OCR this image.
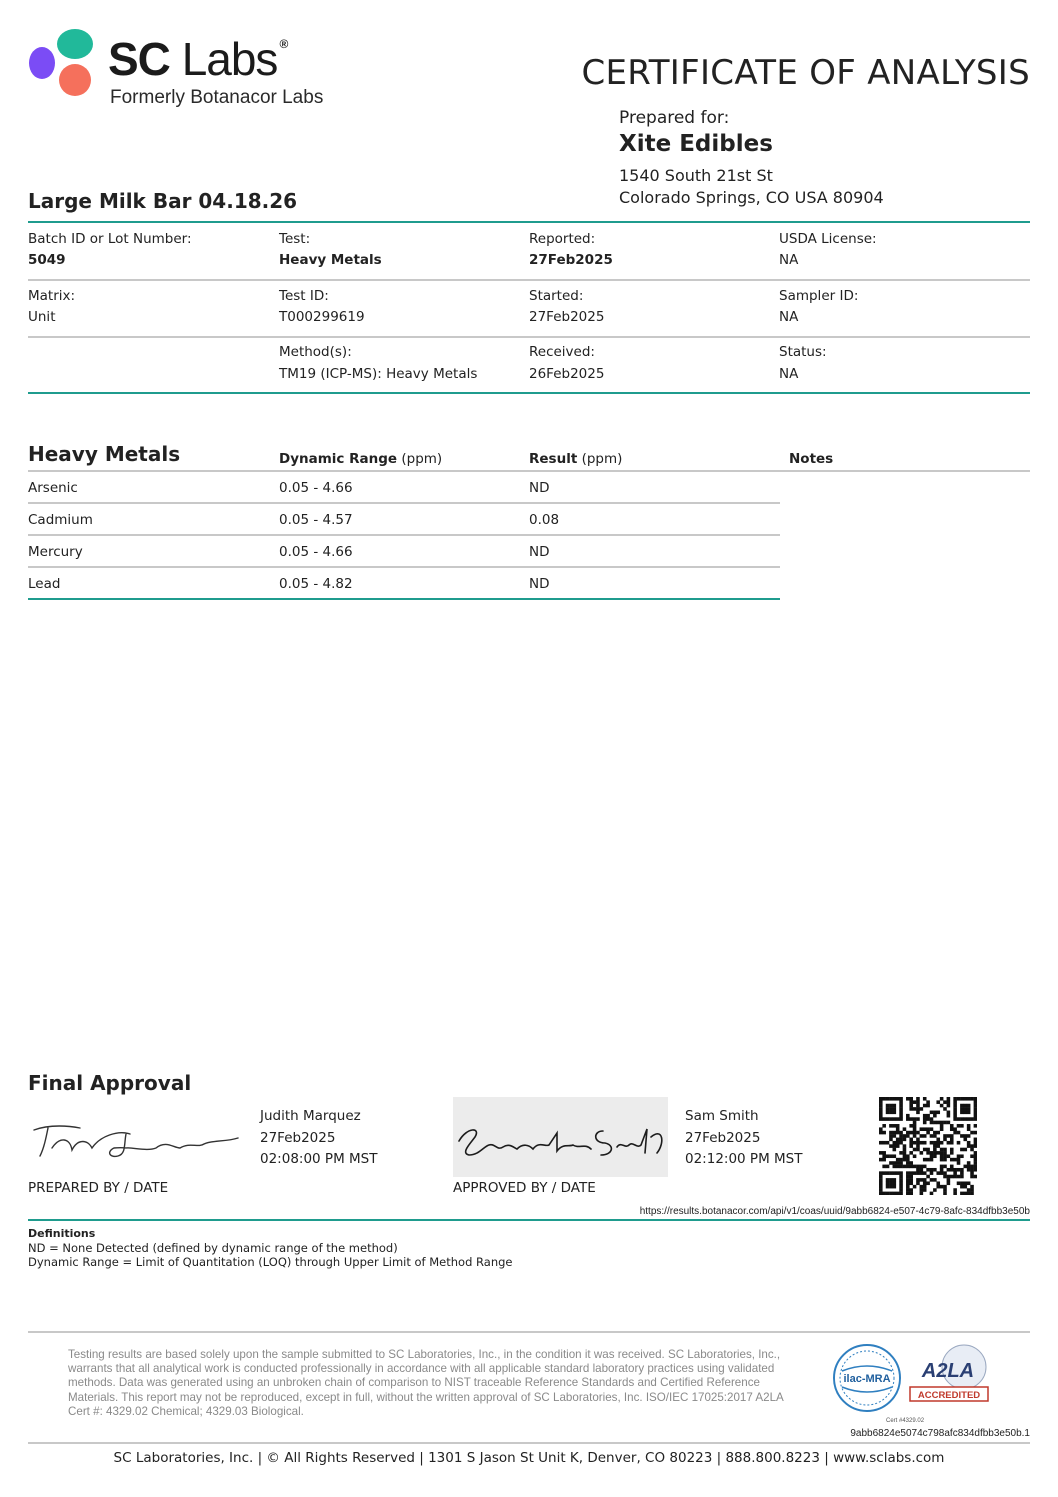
SC Labs ®
Formerly Botanacor Labs
CERTIFICATE OF ANALYSIS
Prepared for:
Xite Edibles
1540 South 21st St
Colorado Springs, CO USA 80904
Large Milk Bar 04.18.26
Batch ID or Lot Number:
5049
Test:
Heavy Metals
Reported:
27Feb2025
USDA License:
NA
Matrix:
Unit
Test ID:
T000299619
Started:
27Feb2025
Sampler ID:
NA
Method(s):
TM19 (ICP-MS): Heavy Metals
Received:
26Feb2025
Status:
NA
Heavy Metals	Dynamic Range (ppm)	Result (ppm)	Notes
Arsenic	0.05 - 4.66	ND
Cadmium	0.05 - 4.57	0.08
Mercury	0.05 - 4.66	ND
Lead	0.05 - 4.82	ND
Final Approval
Judith Marquez
27Feb2025
02:08:00 PM MST
PREPARED BY / DATE
Sam Smith
27Feb2025
02:12:00 PM MST
APPROVED BY / DATE
https://results.botanacor.com/api/v1/coas/uuid/9abb6824-e507-4c79-8afc-834dfbb3e50b
Definitions
ND = None Detected (defined by dynamic range of the method)
Dynamic Range = Limit of Quantitation (LOQ) through Upper Limit of Method Range
Testing results are based solely upon the sample submitted to SC Laboratories, Inc., in the condition it was received. SC Laboratories, Inc., warrants that all analytical work is conducted professionally in accordance with all applicable standard laboratory practices using validated methods. Data was generated using an unbroken chain of comparison to NIST traceable Reference Standards and Certified Reference Materials. This report may not be reproduced, except in full, without the written approval of SC Laboratories, Inc. ISO/IEC 17025:2017 A2LA Cert #: 4329.02 Chemical; 4329.03 Biological.
ilac-MRA A2LA
ACCREDITED
Cert #4329.02
9abb6824e5074c798afc834dfbb3e50b.1
SC Laboratories, Inc. | © All Rights Reserved | 1301 S Jason St Unit K, Denver, CO 80223 | 888.800.8223 | www.sclabs.com
